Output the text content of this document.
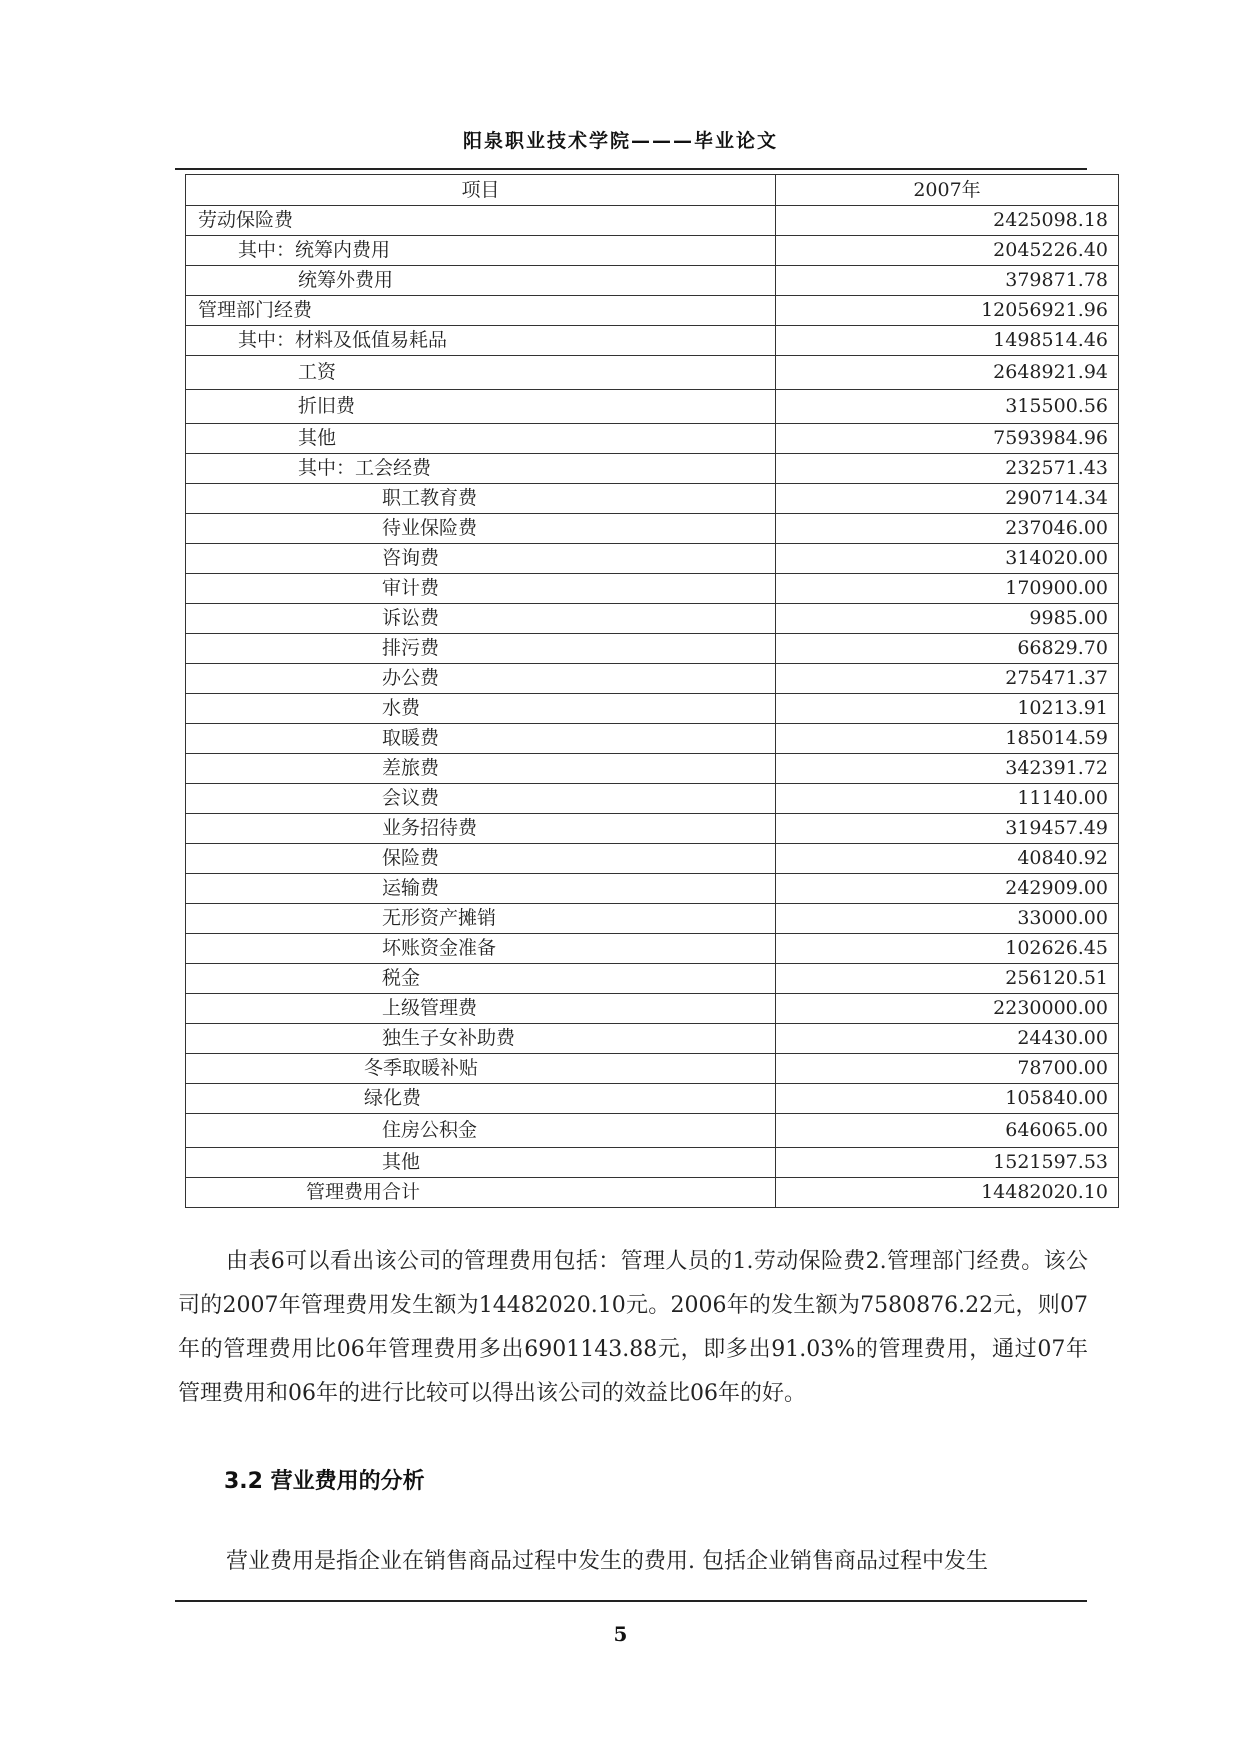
阳泉职业技术学院———毕业论文
项目	2007年
劳动保险费	2425098.18
其中：统筹内费用	2045226.40
统筹外费用	379871.78
管理部门经费	12056921.96
其中：材料及低值易耗品	1498514.46
工资	2648921.94
折旧费	315500.56
其他	7593984.96
其中：工会经费	232571.43
职工教育费	290714.34
待业保险费	237046.00
咨询费	314020.00
审计费	170900.00
诉讼费	9985.00
排污费	66829.70
办公费	275471.37
水费	10213.91
取暖费	185014.59
差旅费	342391.72
会议费	11140.00
业务招待费	319457.49
保险费	40840.92
运输费	242909.00
无形资产摊销	33000.00
坏账资金准备	102626.45
税金	256120.51
上级管理费	2230000.00
独生子女补助费	24430.00
冬季取暖补贴	78700.00
绿化费	105840.00
住房公积金	646065.00
其他	1521597.53
管理费用合计	14482020.10
由表6可以看出该公司的管理费用包括：管理人员的1.劳动保险费2.管理部门经费。该公司的2007年管理费用发生额为14482020.10元。2006年的发生额为7580876.22元，则07年的管理费用比06年管理费用多出6901143.88元，即多出91.03%的管理费用，通过07年管理费用和06年的进行比较可以得出该公司的效益比06年的好。
3.2 营业费用的分析
营业费用是指企业在销售商品过程中发生的费用. 包括企业销售商品过程中发生
5
